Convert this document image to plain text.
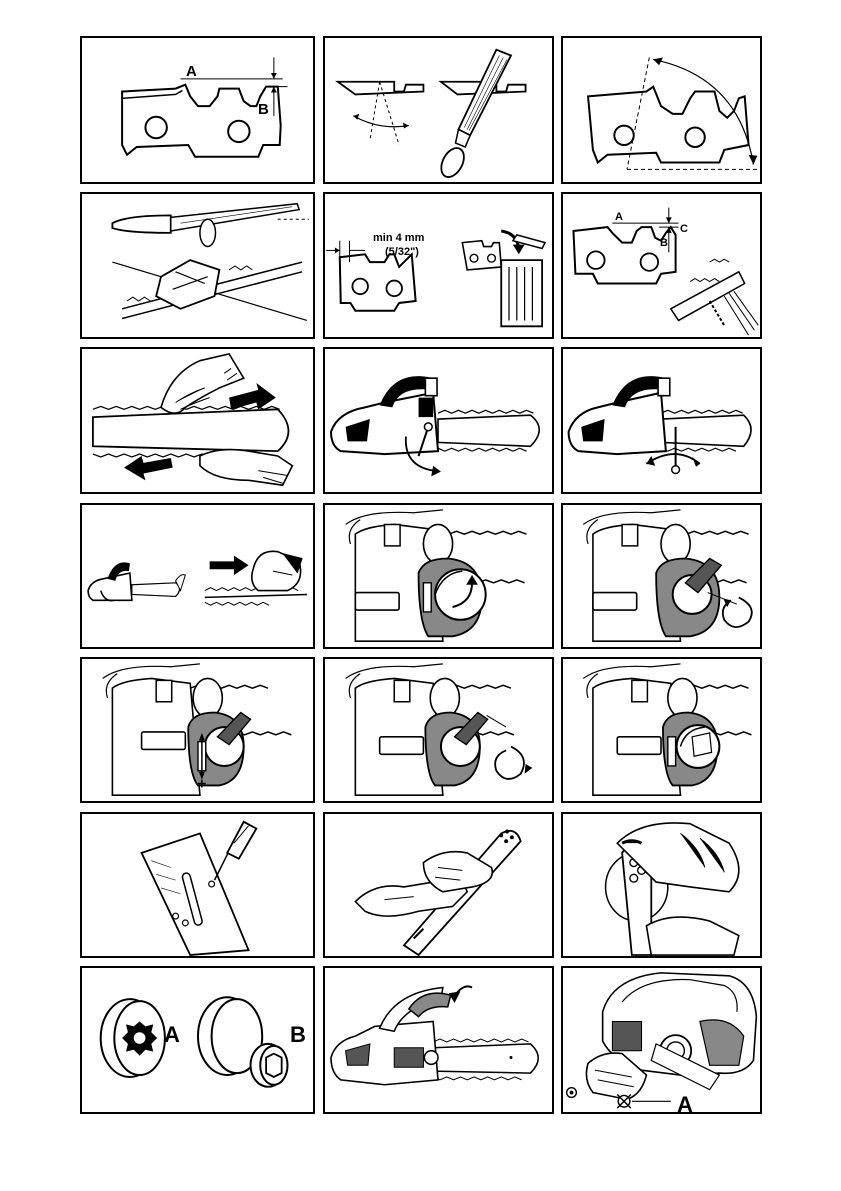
A
B
min 4 mm
(5/32")
A
B
C
A	B
A
